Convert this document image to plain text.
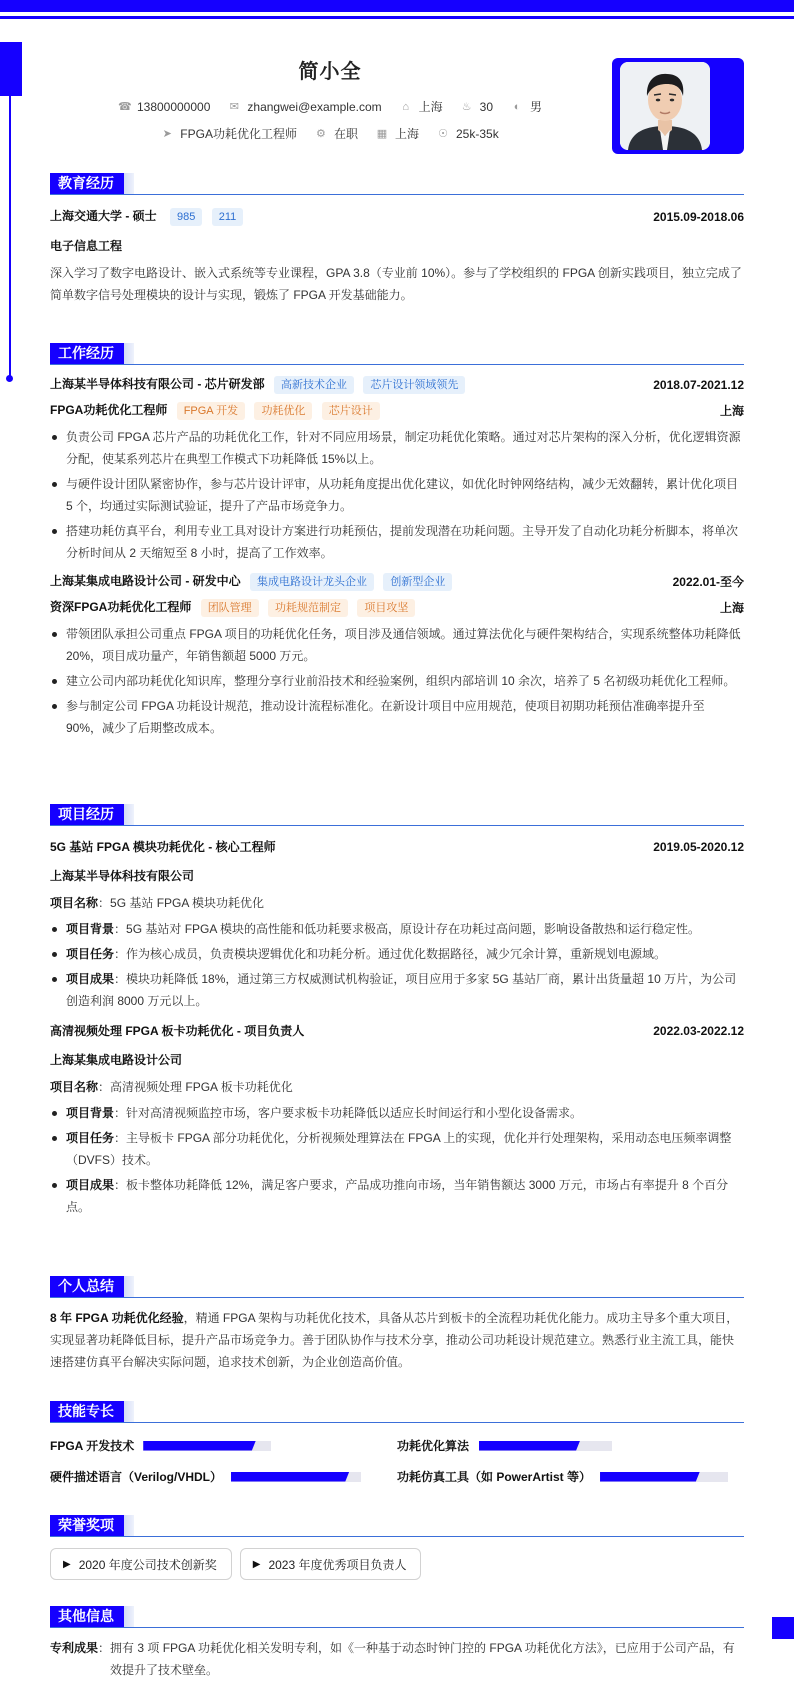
简小全
☎ 13800000000 ✉ zhangwei@example.com ⌂ 上海 ♨ 30 ◐ 男
➤ FPGA功耗优化工程师 ⚙ 在职 ▦ 上海 ☉ 25k-35k
教育经历
上海交通大学 - 硕士 985 211	2015.09-2018.06
电子信息工程
深入学习了数字电路设计、嵌入式系统等专业课程，GPA 3.8（专业前 10%）。参与了学校组织的 FPGA 创新实践项目，独立完成了简单数字信号处理模块的设计与实现，锻炼了 FPGA 开发基础能力。
工作经历
上海某半导体科技有限公司 - 芯片研发部 高新技术企业 芯片设计领域领先	2018.07-2021.12
FPGA功耗优化工程师 FPGA 开发 功耗优化 芯片设计	上海
负责公司 FPGA 芯片产品的功耗优化工作，针对不同应用场景，制定功耗优化策略。通过对芯片架构的深入分析，优化逻辑资源分配，使某系列芯片在典型工作模式下功耗降低 15%以上。
与硬件设计团队紧密协作，参与芯片设计评审，从功耗角度提出优化建议，如优化时钟网络结构，减少无效翻转，累计优化项目 5 个，均通过实际测试验证，提升了产品市场竞争力。
搭建功耗仿真平台，利用专业工具对设计方案进行功耗预估，提前发现潜在功耗问题。主导开发了自动化功耗分析脚本，将单次分析时间从 2 天缩短至 8 小时，提高了工作效率。
上海某集成电路设计公司 - 研发中心 集成电路设计龙头企业 创新型企业	2022.01-至今
资深FPGA功耗优化工程师 团队管理 功耗规范制定 项目攻坚	上海
带领团队承担公司重点 FPGA 项目的功耗优化任务，项目涉及通信领域。通过算法优化与硬件架构结合，实现系统整体功耗降低 20%，项目成功量产，年销售额超 5000 万元。
建立公司内部功耗优化知识库，整理分享行业前沿技术和经验案例，组织内部培训 10 余次，培养了 5 名初级功耗优化工程师。
参与制定公司 FPGA 功耗设计规范，推动设计流程标准化。在新设计项目中应用规范，使项目初期功耗预估准确率提升至 90%，减少了后期整改成本。
项目经历
5G 基站 FPGA 模块功耗优化 - 核心工程师	2019.05-2020.12
上海某半导体科技有限公司
项目名称：5G 基站 FPGA 模块功耗优化
项目背景：5G 基站对 FPGA 模块的高性能和低功耗要求极高，原设计存在功耗过高问题，影响设备散热和运行稳定性。
项目任务：作为核心成员，负责模块逻辑优化和功耗分析。通过优化数据路径，减少冗余计算，重新规划电源域。
项目成果：模块功耗降低 18%，通过第三方权威测试机构验证，项目应用于多家 5G 基站厂商，累计出货量超 10 万片，为公司创造利润 8000 万元以上。
高清视频处理 FPGA 板卡功耗优化 - 项目负责人	2022.03-2022.12
上海某集成电路设计公司
项目名称：高清视频处理 FPGA 板卡功耗优化
项目背景：针对高清视频监控市场，客户要求板卡功耗降低以适应长时间运行和小型化设备需求。
项目任务：主导板卡 FPGA 部分功耗优化，分析视频处理算法在 FPGA 上的实现，优化并行处理架构，采用动态电压频率调整（DVFS）技术。
项目成果：板卡整体功耗降低 12%，满足客户要求，产品成功推向市场，当年销售额达 3000 万元，市场占有率提升 8 个百分点。
个人总结
8 年 FPGA 功耗优化经验，精通 FPGA 架构与功耗优化技术，具备从芯片到板卡的全流程功耗优化能力。成功主导多个重大项目，实现显著功耗降低目标，提升产品市场竞争力。善于团队协作与技术分享，推动公司功耗设计规范建立。熟悉行业主流工具，能快速搭建仿真平台解决实际问题，追求技术创新，为企业创造高价值。
技能专长
FPGA 开发技术	功耗优化算法
硬件描述语言（Verilog/VHDL）	功耗仿真工具（如 PowerArtist 等）
荣誉奖项
▶ 2020 年度公司技术创新奖	▶ 2023 年度优秀项目负责人
其他信息
专利成果 ： 拥有 3 项 FPGA 功耗优化相关发明专利，如《一种基于动态时钟门控的 FPGA 功耗优化方法》，已应用于公司产品，有效提升了技术壁垒。
